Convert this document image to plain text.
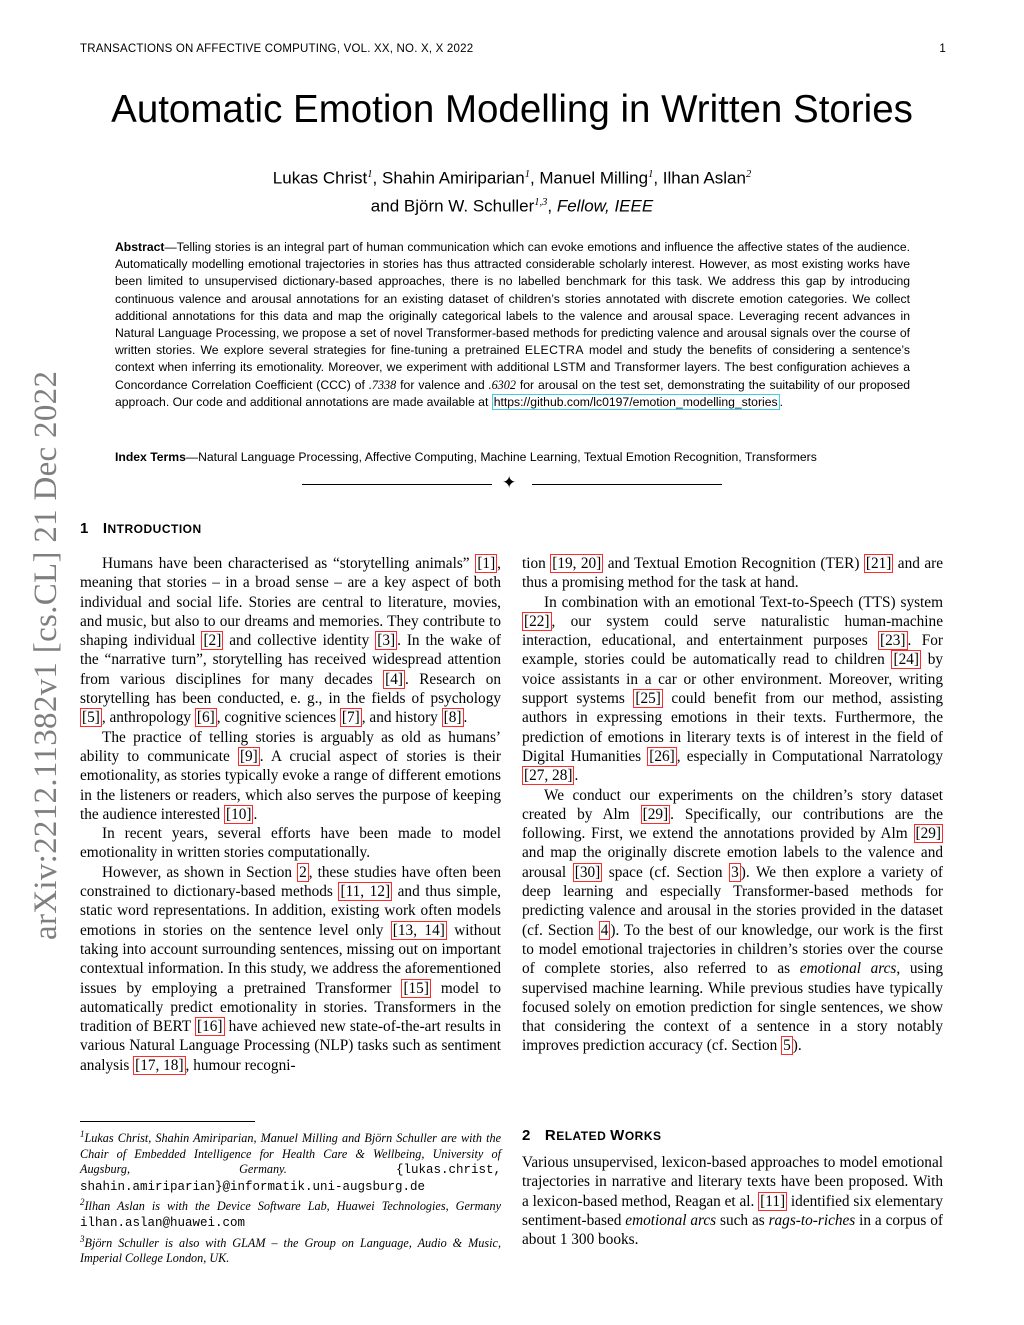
TRANSACTIONS ON AFFECTIVE COMPUTING, VOL. XX, NO. X, X 2022	1
Automatic Emotion Modelling in Written Stories
Lukas Christ$^1$, Shahin Amiriparian$^1$, Manuel Milling$^1$, Ilhan Aslan$^2$
and Björn W. Schuller$^{1,3}$, Fellow, IEEE
Abstract—Telling stories is an integral part of human communication which can evoke emotions and influence the affective states of the audience. Automatically modelling emotional trajectories in stories has thus attracted considerable scholarly interest. However, as most existing works have been limited to unsupervised dictionary-based approaches, there is no labelled benchmark for this task. We address this gap by introducing continuous valence and arousal annotations for an existing dataset of children’s stories annotated with discrete emotion categories. We collect additional annotations for this data and map the originally categorical labels to the valence and arousal space. Leveraging recent advances in Natural Language Processing, we propose a set of novel Transformer-based methods for predicting valence and arousal signals over the course of written stories. We explore several strategies for fine-tuning a pretrained ELECTRA model and study the benefits of considering a sentence’s context when inferring its emotionality. Moreover, we experiment with additional LSTM and Transformer layers. The best configuration achieves a Concordance Correlation Coefficient (CCC) of .7338 for valence and .6302 for arousal on the test set, demonstrating the suitability of our proposed approach. Our code and additional annotations are made available at https://github.com/lc0197/emotion_modelling_stories .
Index Terms—Natural Language Processing, Affective Computing, Machine Learning, Textual Emotion Recognition, Transformers
✦
1 INTRODUCTION

Humans have been characterised as “storytelling animals” [1] , meaning that stories – in a broad sense – are a key aspect of both individual and social life. Stories are central to literature, movies, and music, but also to our dreams and memories. They contribute to shaping individual [2] and collective identity [3] . In the wake of the “narrative turn”, storytelling has received widespread attention from various disciplines for many decades [4] . Research on storytelling has been conducted, e. g., in the fields of psychology [5] , anthropology [6] , cognitive sciences [7] , and history [8] .

The practice of telling stories is arguably as old as humans’ ability to communicate [9] . A crucial aspect of stories is their emotionality, as stories typically evoke a range of different emotions in the listeners or readers, which also serves the purpose of keeping the audience interested [10] .

In recent years, several efforts have been made to model emotionality in written stories computationally.

However, as shown in Section 2 , these studies have often been constrained to dictionary-based methods [11, 12] and thus simple, static word representations. In addition, existing work often models emotions in stories on the sentence level only [13, 14] without taking into account surrounding sentences, missing out on important contextual information. In this study, we address the aforementioned issues by employing a pretrained Transformer [15] model to automatically predict emotionality in stories. Transformers in the tradition of BERT [16] have achieved new state-of-the-art results in various Natural Language Processing (NLP) tasks such as sentiment analysis [17, 18] , humour recogni-

$^1$Lukas Christ, Shahin Amiriparian, Manuel Milling and Björn Schuller are with the Chair of Embedded Intelligence for Health Care & Wellbeing, University of Augsburg, Germany. {lukas.christ, shahin.amiriparian}@informatik.uni-augsburg.de
$^2$Ilhan Aslan is with the Device Software Lab, Huawei Technologies, Germany ilhan.aslan@huawei.com
$^3$Björn Schuller is also with GLAM – the Group on Language, Audio & Music, Imperial College London, UK.

tion [19, 20] and Textual Emotion Recognition (TER) [21] and are thus a promising method for the task at hand.

In combination with an emotional Text-to-Speech (TTS) system [22] , our system could serve naturalistic human-machine interaction, educational, and entertainment purposes [23] . For example, stories could be automatically read to children [24] by voice assistants in a car or other environment. Moreover, writing support systems [25] could benefit from our method, assisting authors in expressing emotions in their texts. Furthermore, the prediction of emotions in literary texts is of interest in the field of Digital Humanities [26] , especially in Computational Narratology [27, 28] .

We conduct our experiments on the children’s story dataset created by Alm [29] . Specifically, our contributions are the following. First, we extend the annotations provided by Alm [29] and map the originally discrete emotion labels to the valence and arousal [30] space (cf. Section 3 ). We then explore a variety of deep learning and especially Transformer-based methods for predicting valence and arousal in the stories provided in the dataset (cf. Section 4 ). To the best of our knowledge, our work is the first to model emotional trajectories in children’s stories over the course of complete stories, also referred to as emotional arcs, using supervised machine learning. While previous studies have typically focused solely on emotion prediction for single sentences, we show that considering the context of a sentence in a story notably improves prediction accuracy (cf. Section 5 ).

2 RELATED WORKS

Various unsupervised, lexicon-based approaches to model emotional trajectories in narrative and literary texts have been proposed. With a lexicon-based method, Reagan et al. [11] identified six elementary sentiment-based emotional arcs such as rags-to-riches in a corpus of about 1 300 books.

arXiv:2212.11382v1 [cs.CL] 21 Dec 2022
